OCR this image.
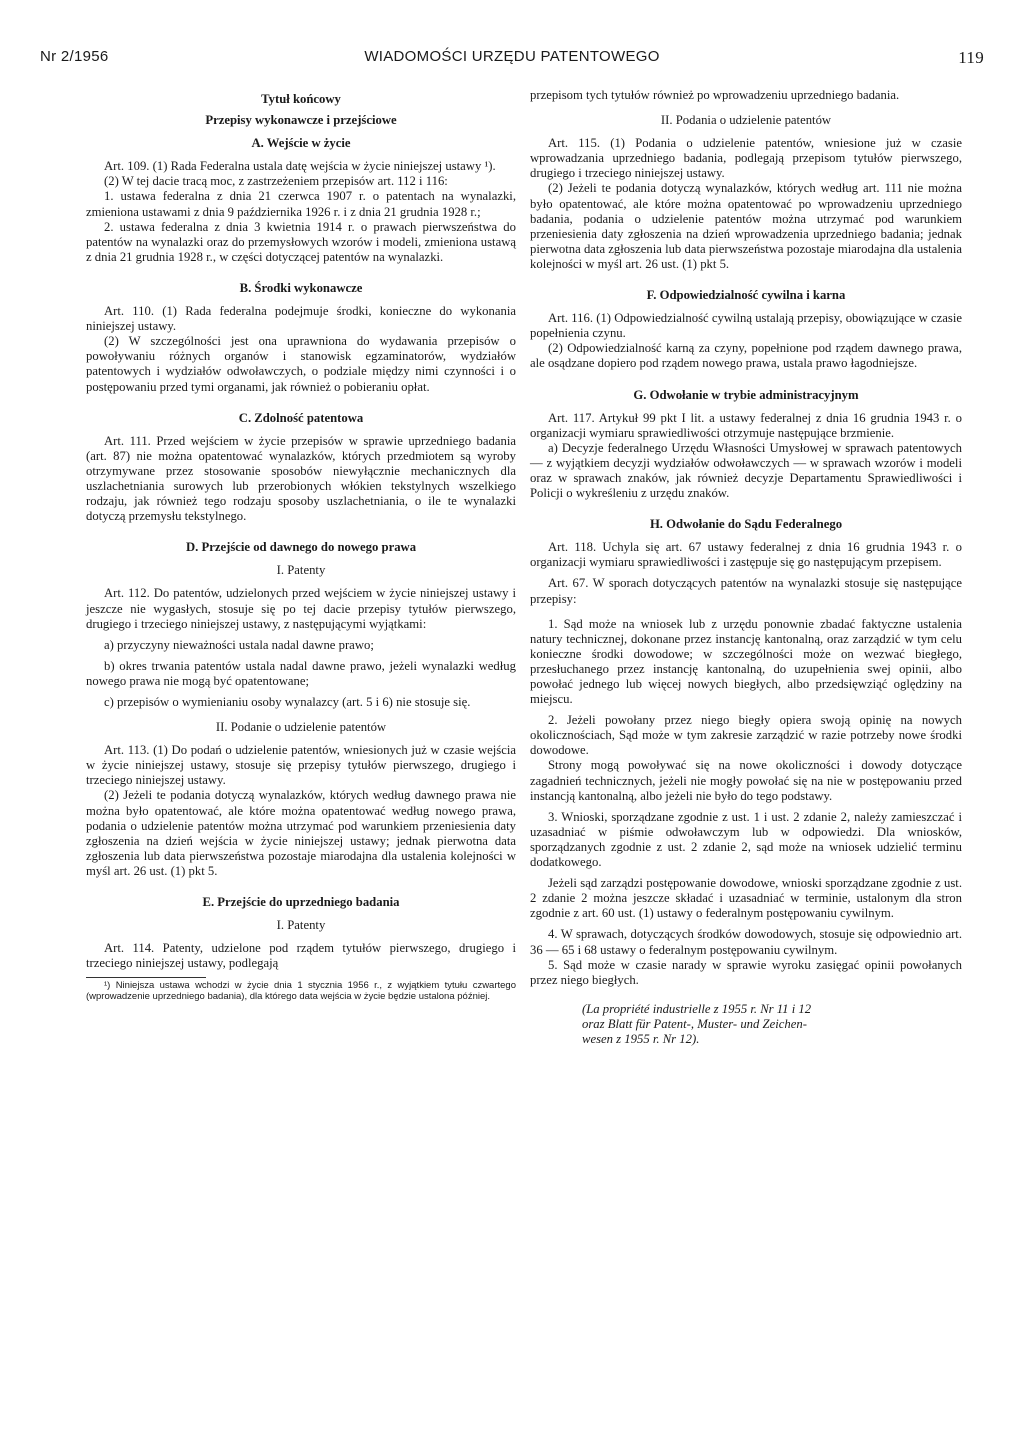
Nr 2/1956	WIADOMOŚCI URZĘDU PATENTOWEGO	119

Tytuł końcowy

Przepisy wykonawcze i przejściowe

A. Wejście w życie

Art. 109. (1) Rada Federalna ustala datę wejścia w życie niniejszej ustawy ¹).

(2) W tej dacie tracą moc, z zastrzeżeniem przepisów art. 112 i 116:

1. ustawa federalna z dnia 21 czerwca 1907 r. o patentach na wynalazki, zmieniona ustawami z dnia 9 października 1926 r. i z dnia 21 grudnia 1928 r.;

2. ustawa federalna z dnia 3 kwietnia 1914 r. o prawach pierwszeństwa do patentów na wynalazki oraz do przemysłowych wzorów i modeli, zmieniona ustawą z dnia 21 grudnia 1928 r., w części dotyczącej patentów na wynalazki.

B. Środki wykonawcze

Art. 110. (1) Rada federalna podejmuje środki, konieczne do wykonania niniejszej ustawy.

(2) W szczególności jest ona uprawniona do wydawania przepisów o powoływaniu różnych organów i stanowisk egzaminatorów, wydziałów patentowych i wydziałów odwoławczych, o podziale między nimi czynności i o postępowaniu przed tymi organami, jak również o pobieraniu opłat.

C. Zdolność patentowa

Art. 111. Przed wejściem w życie przepisów w sprawie uprzedniego badania (art. 87) nie można opatentować wynalazków, których przedmiotem są wyroby otrzymywane przez stosowanie sposobów niewyłącznie mechanicznych dla uszlachetniania surowych lub przerobionych włókien tekstylnych wszelkiego rodzaju, jak również tego rodzaju sposoby uszlachetniania, o ile te wynalazki dotyczą przemysłu tekstylnego.

D. Przejście od dawnego do nowego prawa

I. Patenty

Art. 112. Do patentów, udzielonych przed wejściem w życie niniejszej ustawy i jeszcze nie wygasłych, stosuje się po tej dacie przepisy tytułów pierwszego, drugiego i trzeciego niniejszej ustawy, z następującymi wyjątkami:

a) przyczyny nieważności ustala nadal dawne prawo;

b) okres trwania patentów ustala nadal dawne prawo, jeżeli wynalazki według nowego prawa nie mogą być opatentowane;

c) przepisów o wymienianiu osoby wynalazcy (art. 5 i 6) nie stosuje się.

II. Podanie o udzielenie patentów

Art. 113. (1) Do podań o udzielenie patentów, wniesionych już w czasie wejścia w życie niniejszej ustawy, stosuje się przepisy tytułów pierwszego, drugiego i trzeciego niniejszej ustawy.

(2) Jeżeli te podania dotyczą wynalazków, których według dawnego prawa nie można było opatentować, ale które można opatentować według nowego prawa, podania o udzielenie patentów można utrzymać pod warunkiem przeniesienia daty zgłoszenia na dzień wejścia w życie niniejszej ustawy; jednak pierwotna data zgłoszenia lub data pierwszeństwa pozostaje miarodajna dla ustalenia kolejności w myśl art. 26 ust. (1) pkt 5.

E. Przejście do uprzedniego badania

I. Patenty

Art. 114. Patenty, udzielone pod rządem tytułów pierwszego, drugiego i trzeciego niniejszej ustawy, podlegają

¹) Niniejsza ustawa wchodzi w życie dnia 1 stycznia 1956 r., z wyjątkiem tytułu czwartego (wprowadzenie uprzedniego badania), dla którego data wejścia w życie będzie ustalona później.

przepisom tych tytułów również po wprowadzeniu uprzedniego badania.

II. Podania o udzielenie patentów

Art. 115. (1) Podania o udzielenie patentów, wniesione już w czasie wprowadzania uprzedniego badania, podlegają przepisom tytułów pierwszego, drugiego i trzeciego niniejszej ustawy.

(2) Jeżeli te podania dotyczą wynalazków, których według art. 111 nie można było opatentować, ale które można opatentować po wprowadzeniu uprzedniego badania, podania o udzielenie patentów można utrzymać pod warunkiem przeniesienia daty zgłoszenia na dzień wprowadzenia uprzedniego badania; jednak pierwotna data zgłoszenia lub data pierwszeństwa pozostaje miarodajna dla ustalenia kolejności w myśl art. 26 ust. (1) pkt 5.

F. Odpowiedzialność cywilna i karna

Art. 116. (1) Odpowiedzialność cywilną ustalają przepisy, obowiązujące w czasie popełnienia czynu.

(2) Odpowiedzialność karną za czyny, popełnione pod rządem dawnego prawa, ale osądzane dopiero pod rządem nowego prawa, ustala prawo łagodniejsze.

G. Odwołanie w trybie administracyjnym

Art. 117. Artykuł 99 pkt I lit. a ustawy federalnej z dnia 16 grudnia 1943 r. o organizacji wymiaru sprawiedliwości otrzymuje następujące brzmienie.

a) Decyzje federalnego Urzędu Własności Umysłowej w sprawach patentowych — z wyjątkiem decyzji wydziałów odwoławczych — w sprawach wzorów i modeli oraz w sprawach znaków, jak również decyzje Departamentu Sprawiedliwości i Policji o wykreśleniu z urzędu znaków.

H. Odwołanie do Sądu Federalnego

Art. 118. Uchyla się art. 67 ustawy federalnej z dnia 16 grudnia 1943 r. o organizacji wymiaru sprawiedliwości i zastępuje się go następującym przepisem.

Art. 67. W sporach dotyczących patentów na wynalazki stosuje się następujące przepisy:

1. Sąd może na wniosek lub z urzędu ponownie zbadać faktyczne ustalenia natury technicznej, dokonane przez instancję kantonalną, oraz zarządzić w tym celu konieczne środki dowodowe; w szczególności może on wezwać biegłego, przesłuchanego przez instancję kantonalną, do uzupełnienia swej opinii, albo powołać jednego lub więcej nowych biegłych, albo przedsięwziąć oględziny na miejscu.

2. Jeżeli powołany przez niego biegły opiera swoją opinię na nowych okolicznościach, Sąd może w tym zakresie zarządzić w razie potrzeby nowe środki dowodowe.

Strony mogą powoływać się na nowe okoliczności i dowody dotyczące zagadnień technicznych, jeżeli nie mogły powołać się na nie w postępowaniu przed instancją kantonalną, albo jeżeli nie było do tego podstawy.

3. Wnioski, sporządzane zgodnie z ust. 1 i ust. 2 zdanie 2, należy zamieszczać i uzasadniać w piśmie odwoławczym lub w odpowiedzi. Dla wniosków, sporządzanych zgodnie z ust. 2 zdanie 2, sąd może na wniosek udzielić terminu dodatkowego.

Jeżeli sąd zarządzi postępowanie dowodowe, wnioski sporządzane zgodnie z ust. 2 zdanie 2 można jeszcze składać i uzasadniać w terminie, ustalonym dla stron zgodnie z art. 60 ust. (1) ustawy o federalnym postępowaniu cywilnym.

4. W sprawach, dotyczących środków dowodowych, stosuje się odpowiednio art. 36 — 65 i 68 ustawy o federalnym postępowaniu cywilnym.

5. Sąd może w czasie narady w sprawie wyroku zasięgać opinii powołanych przez niego biegłych.

(La propriété industrielle z 1955 r. Nr 11 i 12
oraz Blatt für Patent-, Muster- und Zeichen-
wesen z 1955 r. Nr 12).
